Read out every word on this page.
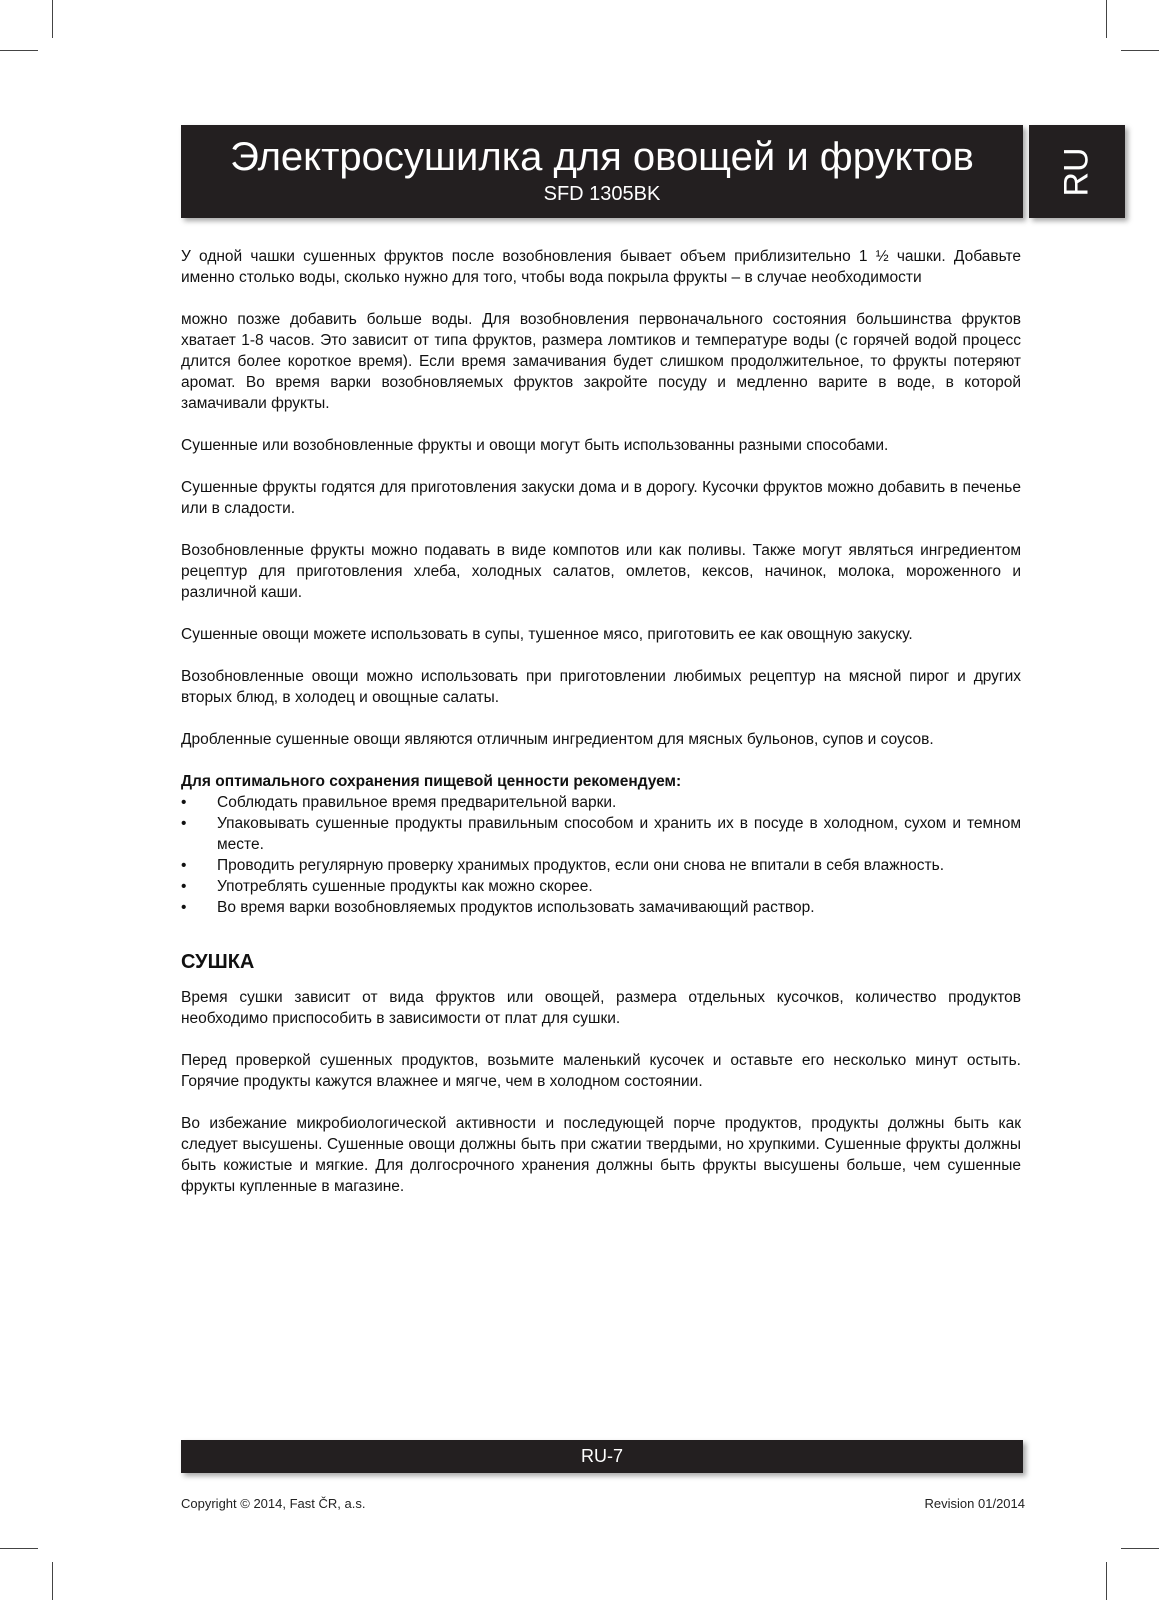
Электросушилка для овощей и фруктов
SFD 1305BK	RU

У одной чашки сушенных фруктов после возобновления бывает объем приблизительно 1 ½ чашки. Добавьте именно столько воды, сколько нужно для того, чтобы вода покрыла фрукты – в случае необходимости

можно позже добавить больше воды. Для возобновления первоначального состояния большинства фруктов хватает 1-8 часов. Это зависит от типа фруктов, размера ломтиков и температуре воды (с горячей водой процесс длится более короткое время). Если время замачивания будет слишком продолжительное, то фрукты потеряют аромат. Во время варки возобновляемых фруктов закройте посуду и медленно варите в воде, в которой замачивали фрукты.

Сушенные или возобновленные фрукты и овощи могут быть использованны разными способами.

Сушенные фрукты годятся для приготовления закуски дома и в дорогу. Кусочки фруктов можно добавить в печенье или в сладости.

Возобновленные фрукты можно подавать в виде компотов или как поливы. Также могут являться ингредиентом рецептур для приготовления хлеба, холодных салатов, омлетов, кексов, начинок, молока, мороженного и различной каши.

Сушенные овощи можете использовать в супы, тушенное мясо, приготовить ее как овощную закуску.

Возобновленные овощи можно использовать при приготовлении любимых рецептур на мясной пирог и других вторых блюд, в холодец и овощные салаты.

Дробленные сушенные овощи являются отличным ингредиентом для мясных бульонов, супов и соусов.

Для оптимального сохранения пищевой ценности рекомендуем:
• Соблюдать правильное время предварительной варки.
• Упаковывать сушенные продукты правильным способом и хранить их в посуде в холодном, сухом и темном месте.
• Проводить регулярную проверку хранимых продуктов, если они снова не впитали в себя влажность.
• Употреблять сушенные продукты как можно скорее.
• Во время варки возобновляемых продуктов использовать замачивающий раствор.
СУШКА

Время сушки зависит от вида фруктов или овощей, размера отдельных кусочков, количество продуктов необходимо приспособить в зависимости от плат для сушки.

Перед проверкой сушенных продуктов, возьмите маленький кусочек и оставьте его несколько минут остыть. Горячие продукты кажутся влажнее и мягче, чем в холодном состоянии.

Во избежание микробиологической активности и последующей порче продуктов, продукты должны быть как следует высушены. Сушенные овощи должны быть при сжатии твердыми, но хрупкими. Сушенные фрукты должны быть кожистые и мягкие. Для долгосрочного хранения должны быть фрукты высушены больше, чем сушенные фрукты купленные в магазине.

RU-7
Copyright © 2014, Fast ČR, a.s.	Revision 01/2014
